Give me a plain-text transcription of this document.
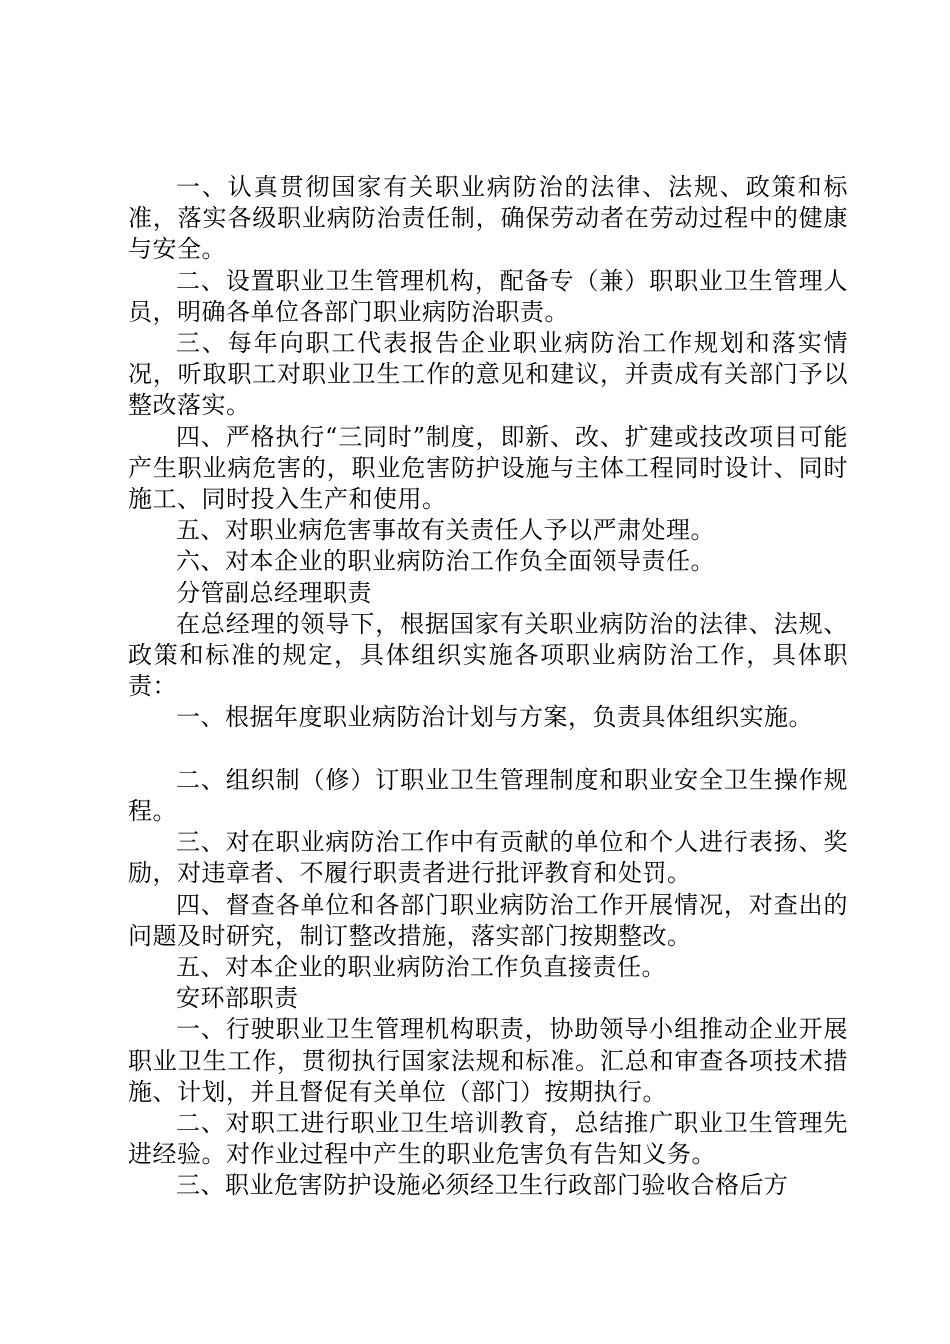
一、认真贯彻国家有关职业病防治的法律、法规、政策和标准，落实各级职业病防治责任制，确保劳动者在劳动过程中的健康与安全。

二、设置职业卫生管理机构，配备专（兼）职职业卫生管理人员，明确各单位各部门职业病防治职责。

三、每年向职工代表报告企业职业病防治工作规划和落实情况，听取职工对职业卫生工作的意见和建议，并责成有关部门予以整改落实。

四、严格执行“三同时”制度，即新、改、扩建或技改项目可能产生职业病危害的，职业危害防护设施与主体工程同时设计、同时施工、同时投入生产和使用。

五、对职业病危害事故有关责任人予以严肃处理。

六、对本企业的职业病防治工作负全面领导责任。

分管副总经理职责

在总经理的领导下，根据国家有关职业病防治的法律、法规、政策和标准的规定，具体组织实施各项职业病防治工作，具体职责：

一、根据年度职业病防治计划与方案，负责具体组织实施。

二、组织制（修）订职业卫生管理制度和职业安全卫生操作规程。

三、对在职业病防治工作中有贡献的单位和个人进行表扬、奖励，对违章者、不履行职责者进行批评教育和处罚。

四、督查各单位和各部门职业病防治工作开展情况，对查出的问题及时研究，制订整改措施，落实部门按期整改。

五、对本企业的职业病防治工作负直接责任。

安环部职责

一、行驶职业卫生管理机构职责，协助领导小组推动企业开展职业卫生工作，贯彻执行国家法规和标准。汇总和审查各项技术措施、计划，并且督促有关单位（部门）按期执行。

二、对职工进行职业卫生培训教育，总结推广职业卫生管理先进经验。对作业过程中产生的职业危害负有告知义务。

三、职业危害防护设施必须经卫生行政部门验收合格后方
